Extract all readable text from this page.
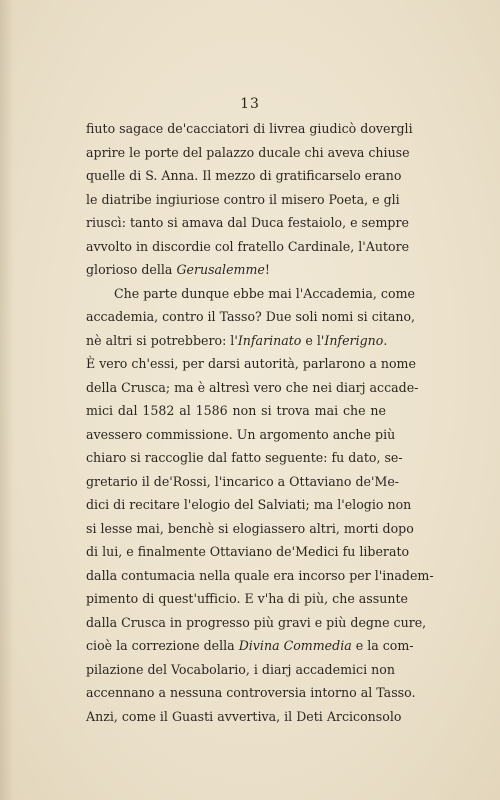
13
fiuto sagace de'cacciatori di livrea giudicò dovergli
aprire le porte del palazzo ducale chi aveva chiuse
quelle di S. Anna. Il mezzo di gratificarselo erano
le diatribe ingiuriose contro il misero Poeta, e gli
riuscì: tanto si amava dal Duca festaiolo, e sempre
avvolto in discordie col fratello Cardinale, l'Autore
glorioso della Gerusalemme!
Che parte dunque ebbe mai l'Accademia, come
accademia, contro il Tasso? Due soli nomi si citano,
nè altri si potrebbero: l'Infarinato e l'Inferigno.
È vero ch'essi, per darsi autorità, parlarono a nome
della Crusca; ma è altresì vero che nei diarj accade-
mici dal 1582 al 1586 non si trova mai che ne
avessero commissione. Un argomento anche più
chiaro si raccoglie dal fatto seguente: fu dato, se-
gretario il de'Rossi, l'incarico a Ottaviano de'Me-
dici di recitare l'elogio del Salviati; ma l'elogio non
si lesse mai, benchè si elogiassero altri, morti dopo
di lui, e finalmente Ottaviano de'Medici fu liberato
dalla contumacia nella quale era incorso per l'inadem-
pimento di quest'ufficio. E v'ha di più, che assunte
dalla Crusca in progresso più gravi e più degne cure,
cioè la correzione della Divina Commedia e la com-
pilazione del Vocabolario, i diarj accademici non
accennano a nessuna controversia intorno al Tasso.
Anzi, come il Guasti avvertiva, il Deti Arciconsolo
